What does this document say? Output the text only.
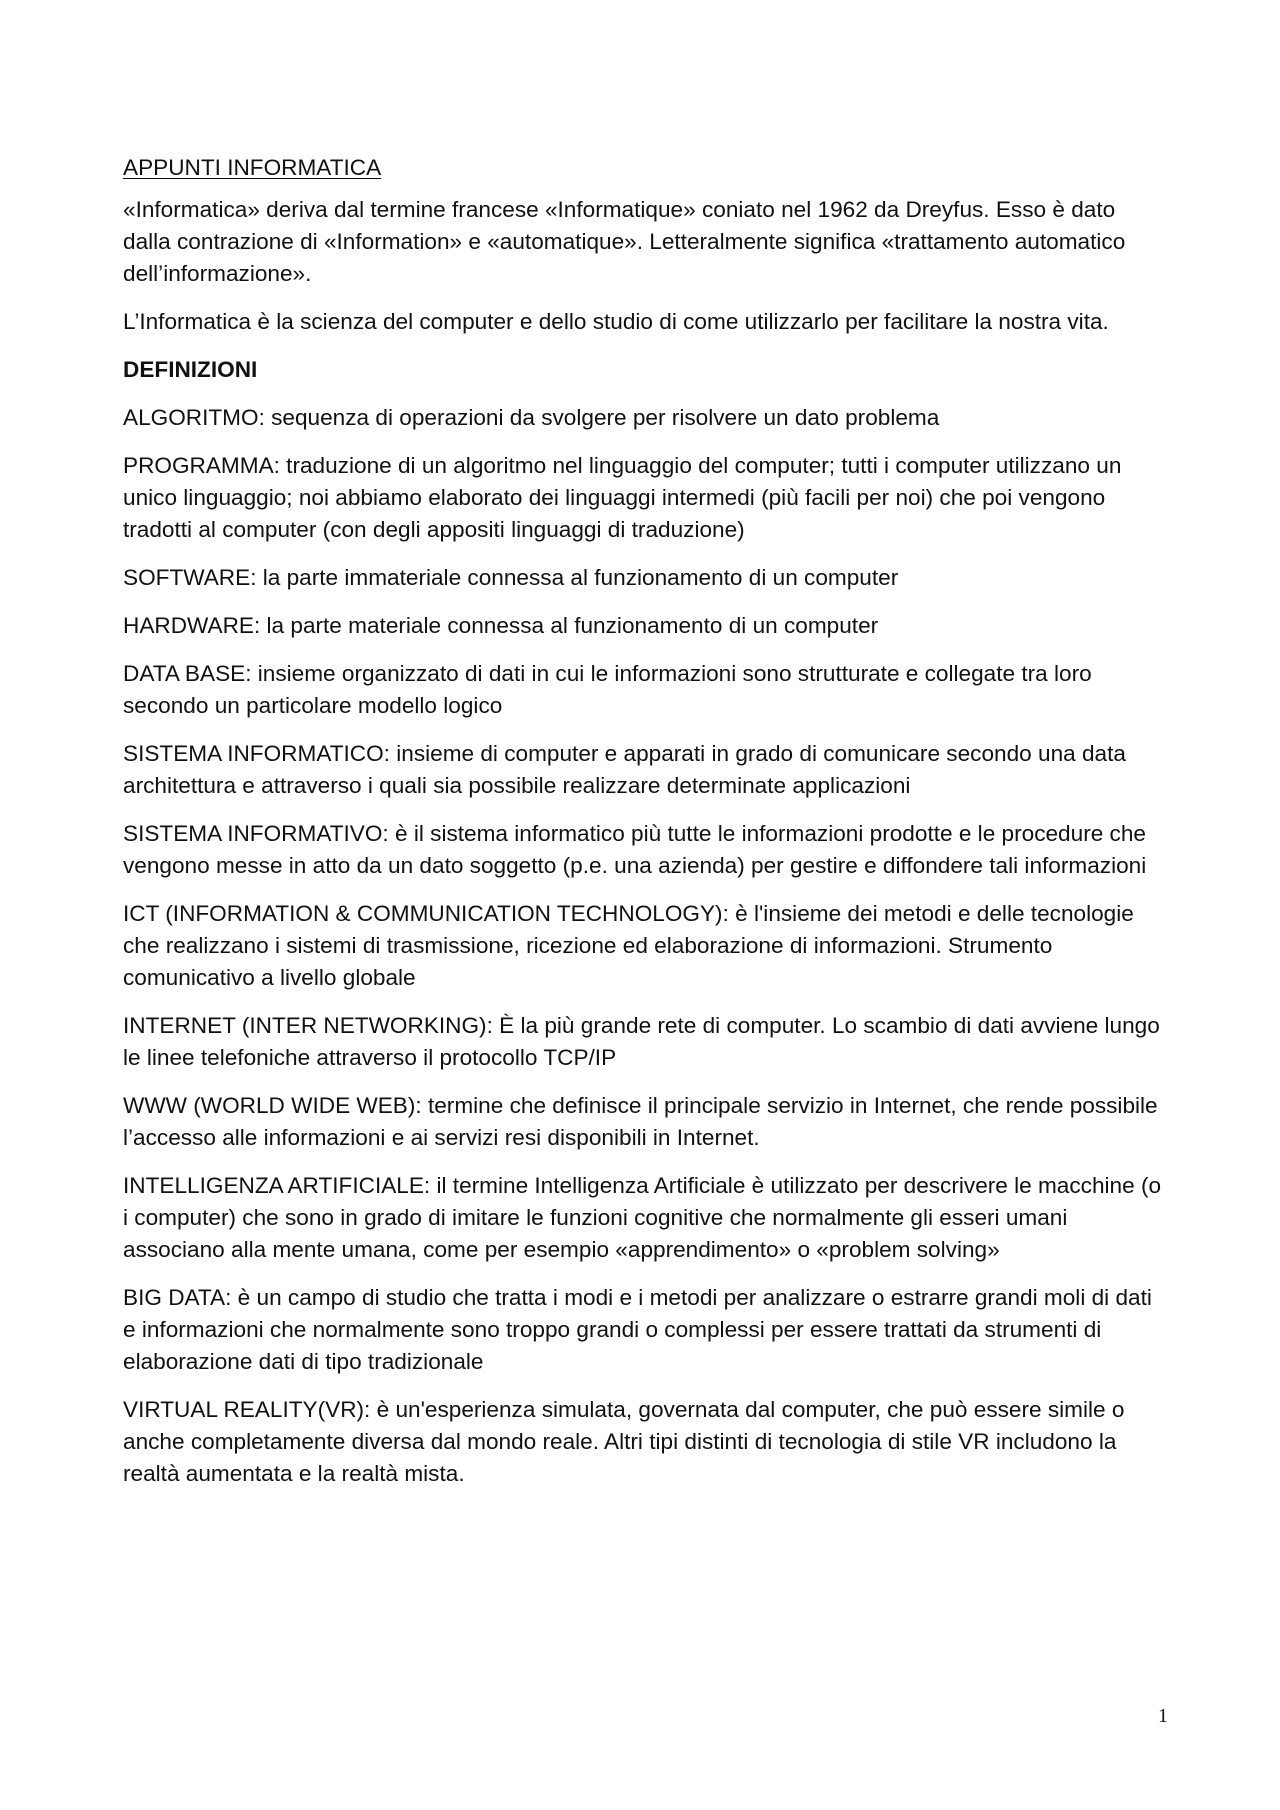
APPUNTI INFORMATICA

«Informatica» deriva dal termine francese «Informatique» coniato nel 1962 da Dreyfus. Esso è dato dalla contrazione di «Information» e «automatique». Letteralmente significa «trattamento automatico dell’informazione».

L’Informatica è la scienza del computer e dello studio di come utilizzarlo per facilitare la nostra vita.

DEFINIZIONI

ALGORITMO: sequenza di operazioni da svolgere per risolvere un dato problema

PROGRAMMA: traduzione di un algoritmo nel linguaggio del computer; tutti i computer utilizzano un unico linguaggio; noi abbiamo elaborato dei linguaggi intermedi (più facili per noi) che poi vengono tradotti al computer (con degli appositi linguaggi di traduzione)

SOFTWARE: la parte immateriale connessa al funzionamento di un computer

HARDWARE: la parte materiale connessa al funzionamento di un computer

DATA BASE: insieme organizzato di dati in cui le informazioni sono strutturate e collegate tra loro secondo un particolare modello logico

SISTEMA INFORMATICO: insieme di computer e apparati in grado di comunicare secondo una data architettura e attraverso i quali sia possibile realizzare determinate applicazioni

SISTEMA INFORMATIVO: è il sistema informatico più tutte le informazioni prodotte e le procedure che vengono messe in atto da un dato soggetto (p.e. una azienda) per gestire e diffondere tali informazioni

ICT (INFORMATION & COMMUNICATION TECHNOLOGY): è l'insieme dei metodi e delle tecnologie che realizzano i sistemi di trasmissione, ricezione ed elaborazione di informazioni. Strumento comunicativo a livello globale

INTERNET (INTER NETWORKING): È la più grande rete di computer. Lo scambio di dati avviene lungo le linee telefoniche attraverso il protocollo TCP/IP

WWW (WORLD WIDE WEB): termine che definisce il principale servizio in Internet, che rende possibile l’accesso alle informazioni e ai servizi resi disponibili in Internet.

INTELLIGENZA ARTIFICIALE: il termine Intelligenza Artificiale è utilizzato per descrivere le macchine (o i computer) che sono in grado di imitare le funzioni cognitive che normalmente gli esseri umani associano alla mente umana, come per esempio «apprendimento» o «problem solving»

BIG DATA: è un campo di studio che tratta i modi e i metodi per analizzare o estrarre grandi moli di dati e informazioni che normalmente sono troppo grandi o complessi per essere trattati da strumenti di elaborazione dati di tipo tradizionale

VIRTUAL REALITY(VR): è un'esperienza simulata, governata dal computer, che può essere simile o anche completamente diversa dal mondo reale. Altri tipi distinti di tecnologia di stile VR includono la realtà aumentata e la realtà mista.

1
